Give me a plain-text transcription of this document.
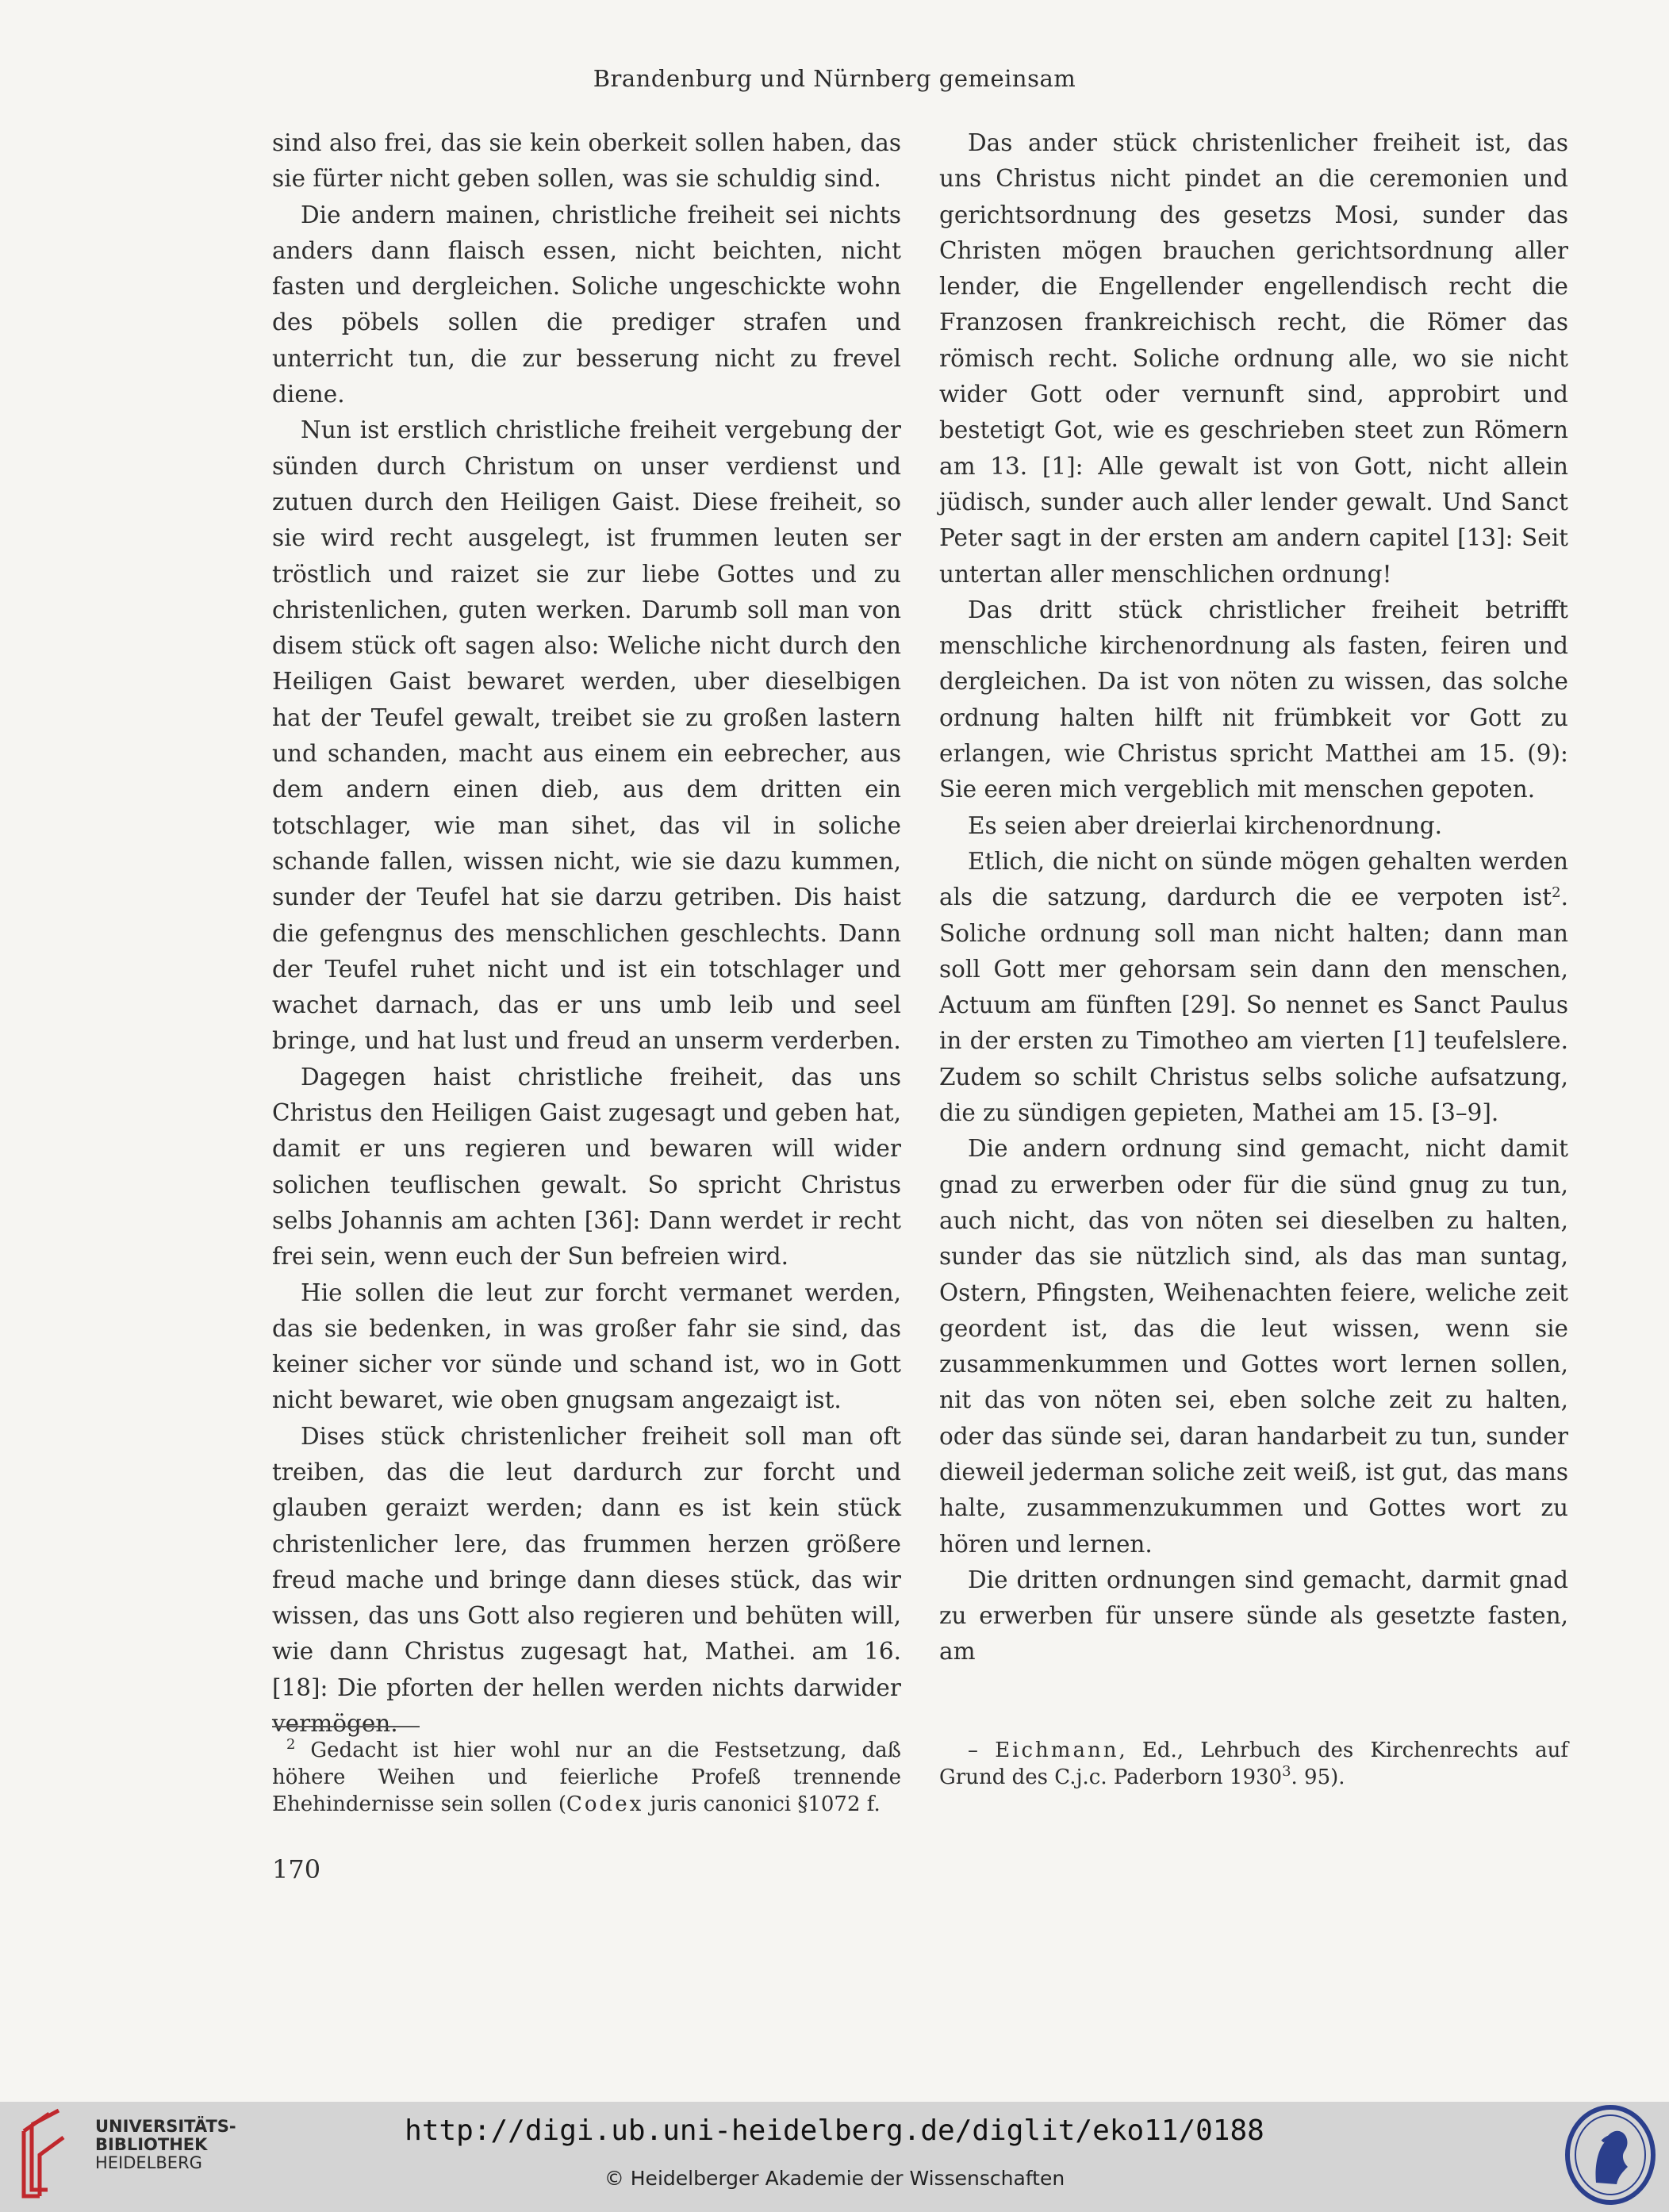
Brandenburg und Nürnberg gemeinsam

sind also frei, das sie kein oberkeit sollen haben, das sie fürter nicht geben sollen, was sie schuldig sind.

Die andern mainen, christliche freiheit sei nichts anders dann flaisch essen, nicht beichten, nicht fasten und dergleichen. Soliche ungeschickte wohn des pöbels sollen die prediger strafen und unterricht tun, die zur besserung nicht zu frevel diene.

Nun ist erstlich christliche freiheit vergebung der sünden durch Christum on unser verdienst und zutuen durch den Heiligen Gaist. Diese freiheit, so sie wird recht ausgelegt, ist frummen leuten ser tröstlich und raizet sie zur liebe Gottes und zu christenlichen, guten werken. Darumb soll man von disem stück oft sagen also: Weliche nicht durch den Heiligen Gaist bewaret werden, uber dieselbigen hat der Teufel gewalt, treibet sie zu großen lastern und schanden, macht aus einem ein eebrecher, aus dem andern einen dieb, aus dem dritten ein totschlager, wie man sihet, das vil in soliche schande fallen, wissen nicht, wie sie dazu kummen, sunder der Teufel hat sie darzu getriben. Dis haist die gefengnus des menschlichen geschlechts. Dann der Teufel ruhet nicht und ist ein totschlager und wachet darnach, das er uns umb leib und seel bringe, und hat lust und freud an unserm verderben.

Dagegen haist christliche freiheit, das uns Christus den Heiligen Gaist zugesagt und geben hat, damit er uns regieren und bewaren will wider solichen teuflischen gewalt. So spricht Christus selbs Johannis am achten [36]: Dann werdet ir recht frei sein, wenn euch der Sun befreien wird.

Hie sollen die leut zur forcht vermanet werden, das sie bedenken, in was großer fahr sie sind, das keiner sicher vor sünde und schand ist, wo in Gott nicht bewaret, wie oben gnugsam angezaigt ist.

Dises stück christenlicher freiheit soll man oft treiben, das die leut dardurch zur forcht und glauben geraizt werden; dann es ist kein stück christenlicher lere, das frummen herzen größere freud mache und bringe dann dieses stück, das wir wissen, das uns Gott also regieren und behüten will, wie dann Christus zugesagt hat, Mathei. am 16. [18]: Die pforten der hellen werden nichts darwider vermögen.

Das ander stück christenlicher freiheit ist, das uns Christus nicht pindet an die ceremonien und gerichtsordnung des gesetzs Mosi, sunder das Christen mögen brauchen gerichtsordnung aller lender, die Engellender engellendisch recht die Franzosen frankreichisch recht, die Römer das römisch recht. Soliche ordnung alle, wo sie nicht wider Gott oder vernunft sind, approbirt und bestetigt Got, wie es geschrieben steet zun Römern am 13. [1]: Alle gewalt ist von Gott, nicht allein jüdisch, sunder auch aller lender gewalt. Und Sanct Peter sagt in der ersten am andern capitel [13]: Seit untertan aller menschlichen ordnung!

Das dritt stück christlicher freiheit betrifft menschliche kirchenordnung als fasten, feiren und dergleichen. Da ist von nöten zu wissen, das solche ordnung halten hilft nit frümbkeit vor Gott zu erlangen, wie Christus spricht Matthei am 15. (9): Sie eeren mich vergeblich mit menschen gepoten.

Es seien aber dreierlai kirchenordnung.

Etlich, die nicht on sünde mögen gehalten werden als die satzung, dardurch die ee verpoten ist$^2$. Soliche ordnung soll man nicht halten; dann man soll Gott mer gehorsam sein dann den menschen, Actuum am fünften [29]. So nennet es Sanct Paulus in der ersten zu Timotheo am vierten [1] teufelslere. Zudem so schilt Christus selbs soliche aufsatzung, die zu sündigen gepieten, Mathei am 15. [3–9].

Die andern ordnung sind gemacht, nicht damit gnad zu erwerben oder für die sünd gnug zu tun, auch nicht, das von nöten sei dieselben zu halten, sunder das sie nützlich sind, als das man suntag, Ostern, Pfingsten, Weihenachten feiere, weliche zeit geordent ist, das die leut wissen, wenn sie zusammenkummen und Gottes wort lernen sollen, nit das von nöten sei, eben solche zeit zu halten, oder das sünde sei, daran handarbeit zu tun, sunder dieweil jederman soliche zeit weiß, ist gut, das mans halte, zusammenzukummen und Gottes wort zu hören und lernen.

Die dritten ordnungen sind gemacht, darmit gnad zu erwerben für unsere sünde als gesetzte fasten, am

$^2$ Gedacht ist hier wohl nur an die Festsetzung, daß höhere Weihen und feierliche Profeß trennende Ehehindernisse sein sollen (Codex juris canonici §1072 f.
– Eichmann, Ed., Lehrbuch des Kirchenrechts auf Grund des C.j.c. Paderborn 1930$^3$. 95).
170
UNIVERSITÄTS-
BIBLIOTHEK
HEIDELBERG
http://digi.ub.uni-heidelberg.de/diglit/eko11/0188
© Heidelberger Akademie der Wissenschaften
